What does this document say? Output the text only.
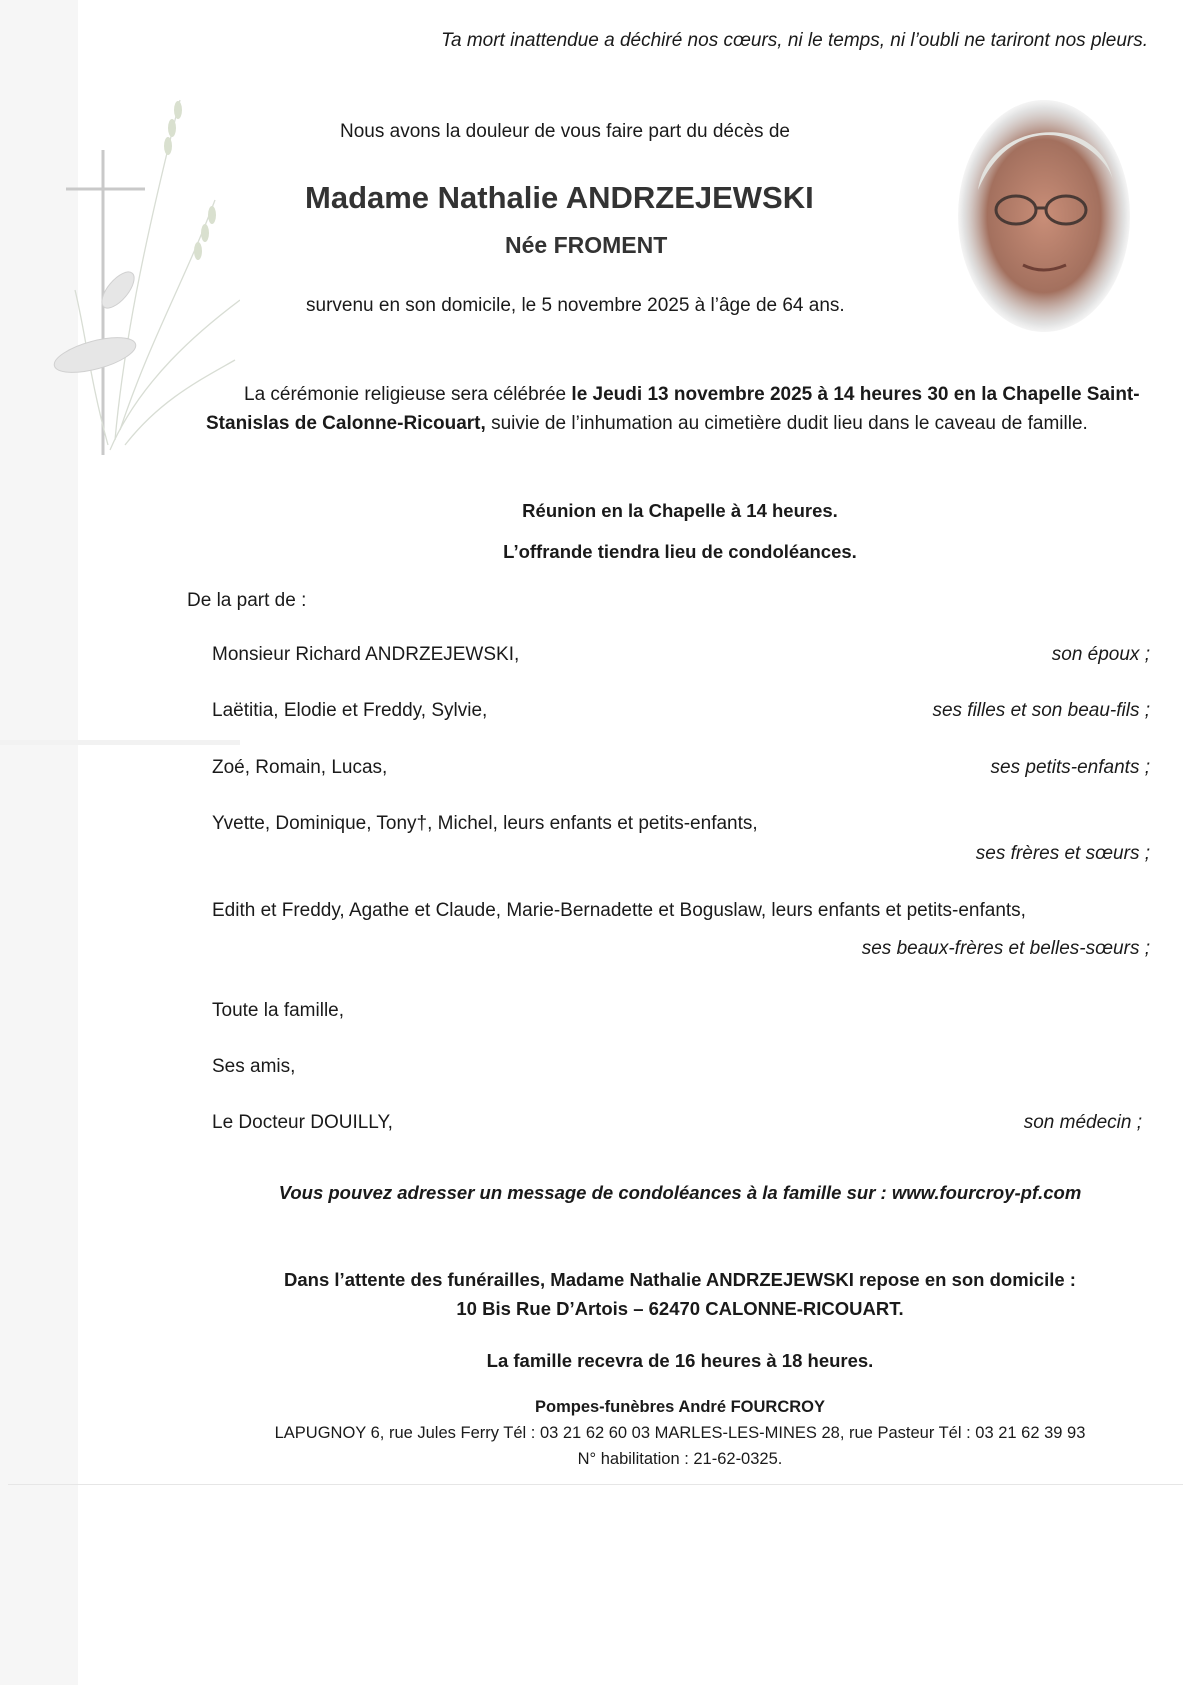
Ta mort inattendue a déchiré nos cœurs, ni le temps, ni l’oubli ne tariront nos pleurs.
Nous avons la douleur de vous faire part du décès de
Madame Nathalie ANDRZEJEWSKI
Née FROMENT
survenu en son domicile, le 5 novembre 2025 à l’âge de 64 ans.
La cérémonie religieuse sera célébrée le Jeudi 13 novembre 2025 à 14 heures 30 en la Chapelle Saint-Stanislas de Calonne-Ricouart, suivie de l’inhumation au cimetière dudit lieu dans le caveau de famille.
Réunion en la Chapelle à 14 heures.
L’offrande tiendra lieu de condoléances.
De la part de :
Monsieur Richard ANDRZEJEWSKI,	son époux ;
Laëtitia, Elodie et Freddy, Sylvie,	ses filles et son beau-fils ;
Zoé, Romain, Lucas,	ses petits-enfants ;
Yvette, Dominique, Tony†, Michel, leurs enfants et petits-enfants,
ses frères et sœurs ;
Edith et Freddy, Agathe et Claude, Marie-Bernadette et Boguslaw, leurs enfants et petits-enfants,
ses beaux-frères et belles-sœurs ;
Toute la famille,
Ses amis,
Le Docteur DOUILLY,	son médecin ;
Vous pouvez adresser un message de condoléances à la famille sur : www.fourcroy-pf.com
Dans l’attente des funérailles, Madame Nathalie ANDRZEJEWSKI repose en son domicile :
10 Bis Rue D’Artois – 62470 CALONNE-RICOUART.
La famille recevra de 16 heures à 18 heures.
Pompes-funèbres André FOURCROY
LAPUGNOY 6, rue Jules Ferry Tél : 03 21 62 60 03 MARLES-LES-MINES 28, rue Pasteur Tél : 03 21 62 39 93
N° habilitation : 21-62-0325.
